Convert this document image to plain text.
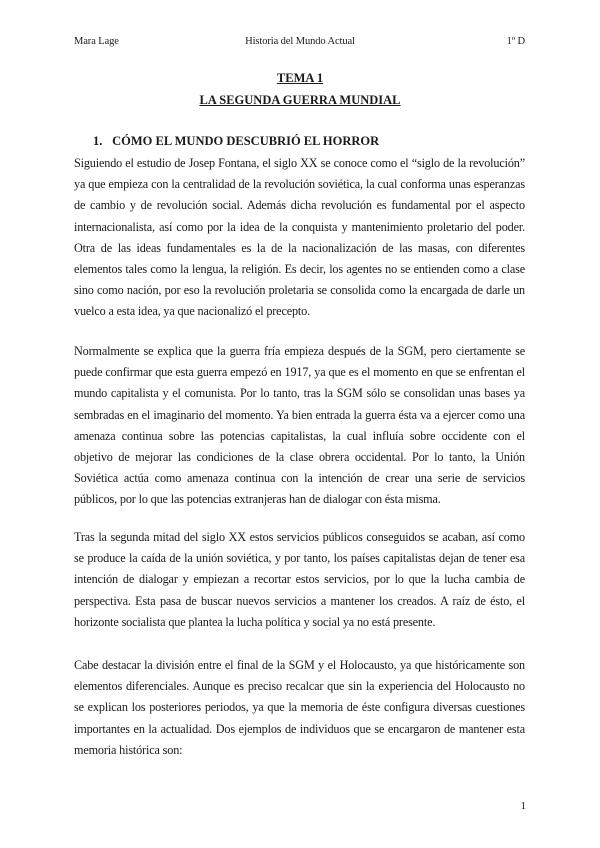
Mara Lage	Historia del Mundo Actual	1º D
TEMA 1
LA SEGUNDA GUERRA MUNDIAL
1. CÓMO EL MUNDO DESCUBRIÓ EL HORROR

Siguiendo el estudio de Josep Fontana, el siglo XX se conoce como el “siglo de la revolución” ya que empieza con la centralidad de la revolución soviética, la cual conforma unas esperanzas de cambio y de revolución social. Además dicha revolución es fundamental por el aspecto internacionalista, así como por la idea de la conquista y mantenimiento proletario del poder. Otra de las ideas fundamentales es la de la nacionalización de las masas, con diferentes elementos tales como la lengua, la religión. Es decir, los agentes no se entienden como a clase sino como nación, por eso la revolución proletaria se consolida como la encargada de darle un vuelco a esta idea, ya que nacionalizó el precepto.

Normalmente se explica que la guerra fría empieza después de la SGM, pero ciertamente se puede confirmar que esta guerra empezó en 1917, ya que es el momento en que se enfrentan el mundo capitalista y el comunista. Por lo tanto, tras la SGM sólo se consolidan unas bases ya sembradas en el imaginario del momento. Ya bien entrada la guerra ésta va a ejercer como una amenaza continua sobre las potencias capitalistas, la cual influía sobre occidente con el objetivo de mejorar las condiciones de la clase obrera occidental. Por lo tanto, la Unión Soviética actúa como amenaza continua con la intención de crear una serie de servicios públicos, por lo que las potencias extranjeras han de dialogar con ésta misma.

Tras la segunda mitad del siglo XX estos servicios públicos conseguidos se acaban, así como se produce la caída de la unión soviética, y por tanto, los países capitalistas dejan de tener esa intención de dialogar y empiezan a recortar estos servicios, por lo que la lucha cambia de perspectiva. Esta pasa de buscar nuevos servicios a mantener los creados. A raíz de ésto, el horizonte socialista que plantea la lucha política y social ya no está presente.

Cabe destacar la división entre el final de la SGM y el Holocausto, ya que históricamente son elementos diferenciales. Aunque es preciso recalcar que sin la experiencia del Holocausto no se explican los posteriores periodos, ya que la memoria de éste configura diversas cuestiones importantes en la actualidad. Dos ejemplos de individuos que se encargaron de mantener esta memoria histórica son:

1
